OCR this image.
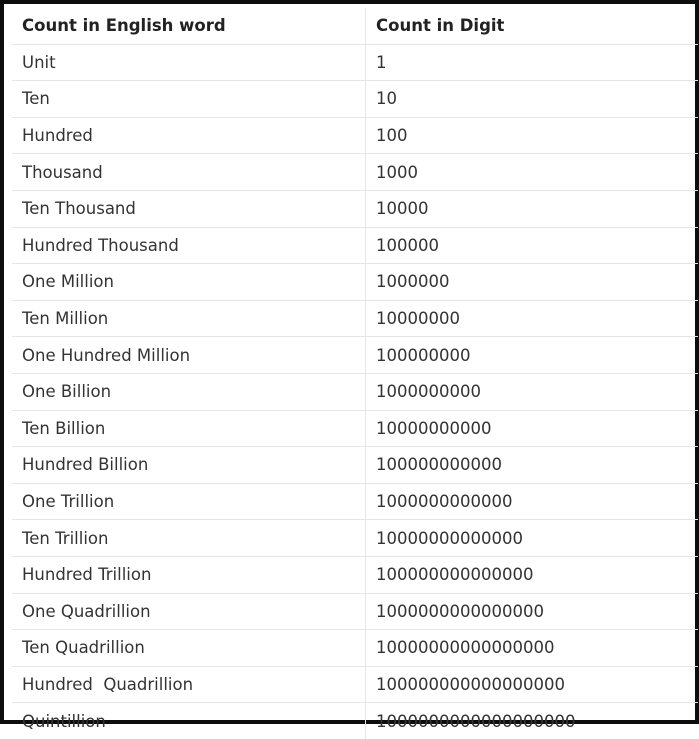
Count in English word	Count in Digit
Unit	1
Ten	10
Hundred	100
Thousand	1000
Ten Thousand	10000
Hundred Thousand	100000
One Million	1000000
Ten Million	10000000
One Hundred Million	100000000
One Billion	1000000000
Ten Billion	10000000000
Hundred Billion	100000000000
One Trillion	1000000000000
Ten Trillion	10000000000000
Hundred Trillion	100000000000000
One Quadrillion	1000000000000000
Ten Quadrillion	10000000000000000
Hundred  Quadrillion	100000000000000000
Quintillion	1000000000000000000
